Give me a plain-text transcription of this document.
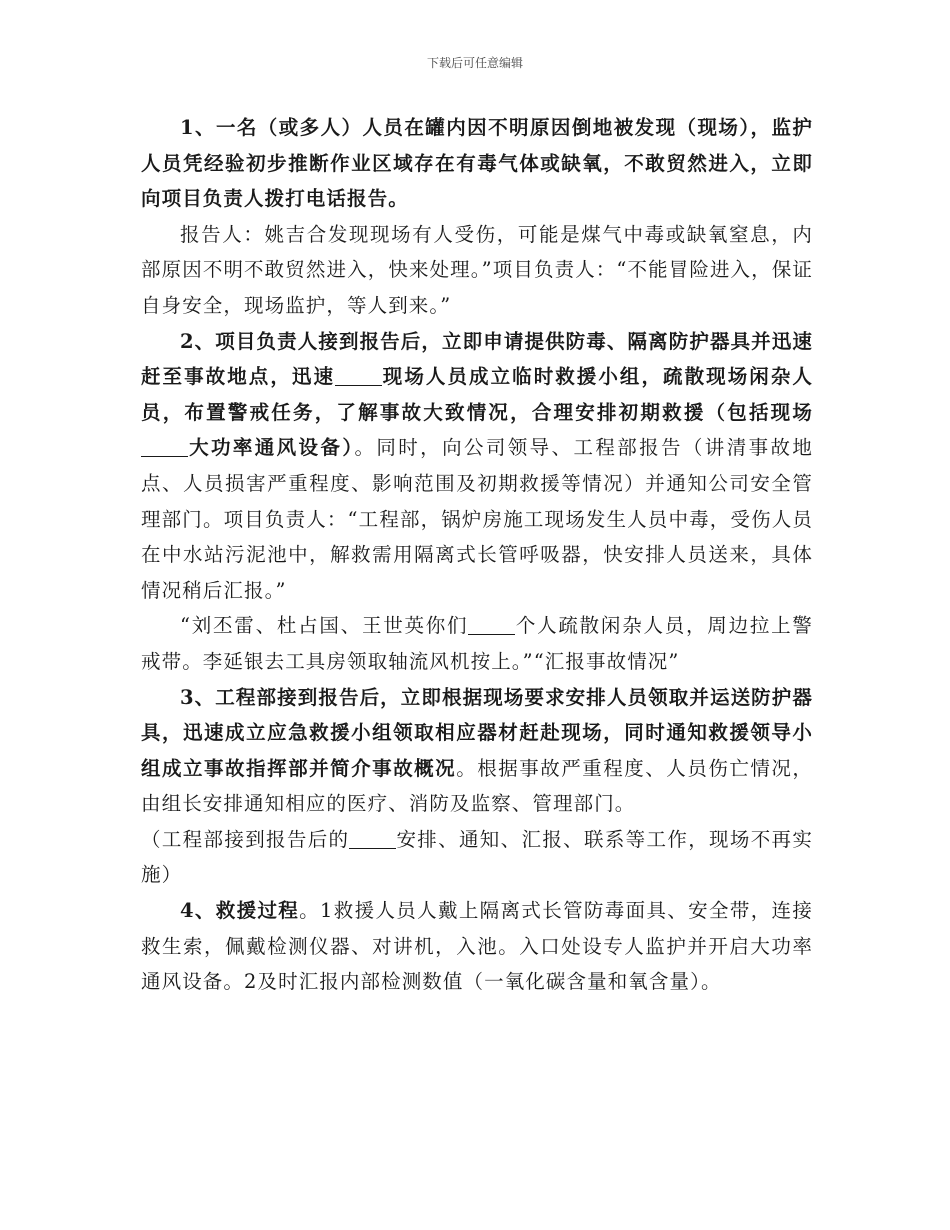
下载后可任意编辑

1、一名（或多人）人员在罐内因不明原因倒地被发现（现场），监护人员凭经验初步推断作业区域存在有毒气体或缺氧，不敢贸然进入，立即向项目负责人拨打电话报告。

报告人：姚吉合发现现场有人受伤，可能是煤气中毒或缺氧窒息，内部原因不明不敢贸然进入，快来处理。”项目负责人：“不能冒险进入，保证自身安全，现场监护，等人到来。”

2、项目负责人接到报告后，立即申请提供防毒、隔离防护器具并迅速赶至事故地点，迅速 现场人员成立临时救援小组，疏散现场闲杂人员，布置警戒任务，了解事故大致情况，合理安排初期救援（包括现场大功率通风设备）。同时，向公司领导、工程部报告（讲清事故地点、人员损害严重程度、影响范围及初期救援等情况）并通知公司安全管理部门。项目负责人：“工程部，锅炉房施工现场发生人员中毒，受伤人员在中水站污泥池中，解救需用隔离式长管呼吸器，快安排人员送来，具体情况稍后汇报。”

“刘丕雷、杜占国、王世英你们 个人疏散闲杂人员，周边拉上警戒带。李延银去工具房领取轴流风机按上。”“汇报事故情况”

3、工程部接到报告后，立即根据现场要求安排人员领取并运送防护器具，迅速成立应急救援小组领取相应器材赶赴现场，同时通知救援领导小组成立事故指挥部并简介事故概况。根据事故严重程度、人员伤亡情况，由组长安排通知相应的医疗、消防及监察、管理部门。

（工程部接到报告后的 安排、通知、汇报、联系等工作，现场不再实施）

4、救援过程。1救援人员人戴上隔离式长管防毒面具、安全带，连接救生索，佩戴检测仪器、对讲机，入池。入口处设专人监护并开启大功率通风设备。2及时汇报内部检测数值（一氧化碳含量和氧含量）。
